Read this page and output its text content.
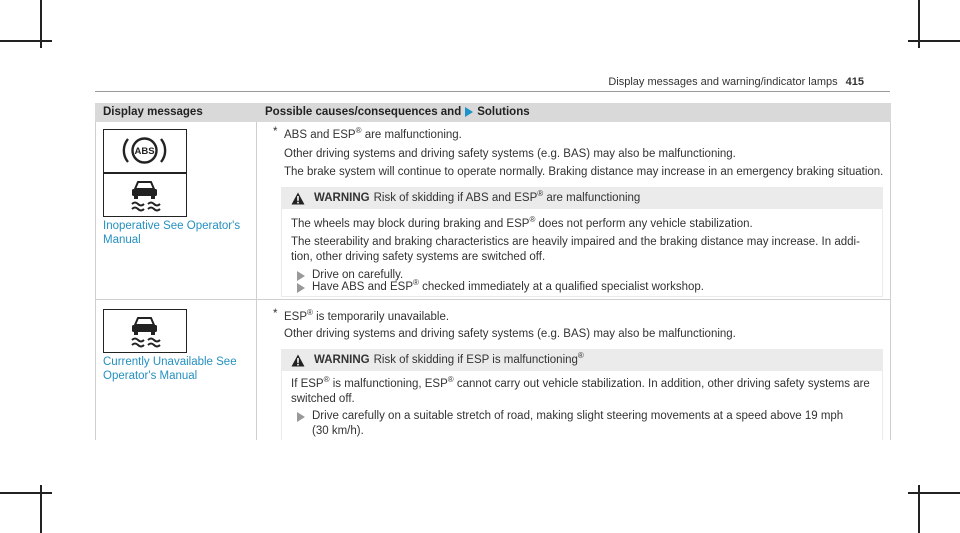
Display messages and warning/indicator lamps 415
Display messages	Possible causes/consequences and Solutions
ABS
Inoperative See Operator's
Manual
* ABS and ESP® are malfunctioning.
Other driving systems and driving safety systems (e.g. BAS) may also be malfunctioning.
The brake system will continue to operate normally. Braking distance may increase in an emergency braking situation.
WARNING Risk of skidding if ABS and ESP® are malfunctioning
The wheels may block during braking and ESP® does not perform any vehicle stabilization.
The steerability and braking characteristics are heavily impaired and the braking distance may increase. In addi-
tion, other driving safety systems are switched off.
Drive on carefully.
Have ABS and ESP® checked immediately at a qualified specialist workshop.
Currently Unavailable See
Operator's Manual
* ESP® is temporarily unavailable.
Other driving systems and driving safety systems (e.g. BAS) may also be malfunctioning.
WARNING Risk of skidding if ESP is malfunctioning®
If ESP® is malfunctioning, ESP® cannot carry out vehicle stabilization. In addition, other driving safety systems are
switched off.
Drive carefully on a suitable stretch of road, making slight steering movements at a speed above 19 mph
(30 km/h).
